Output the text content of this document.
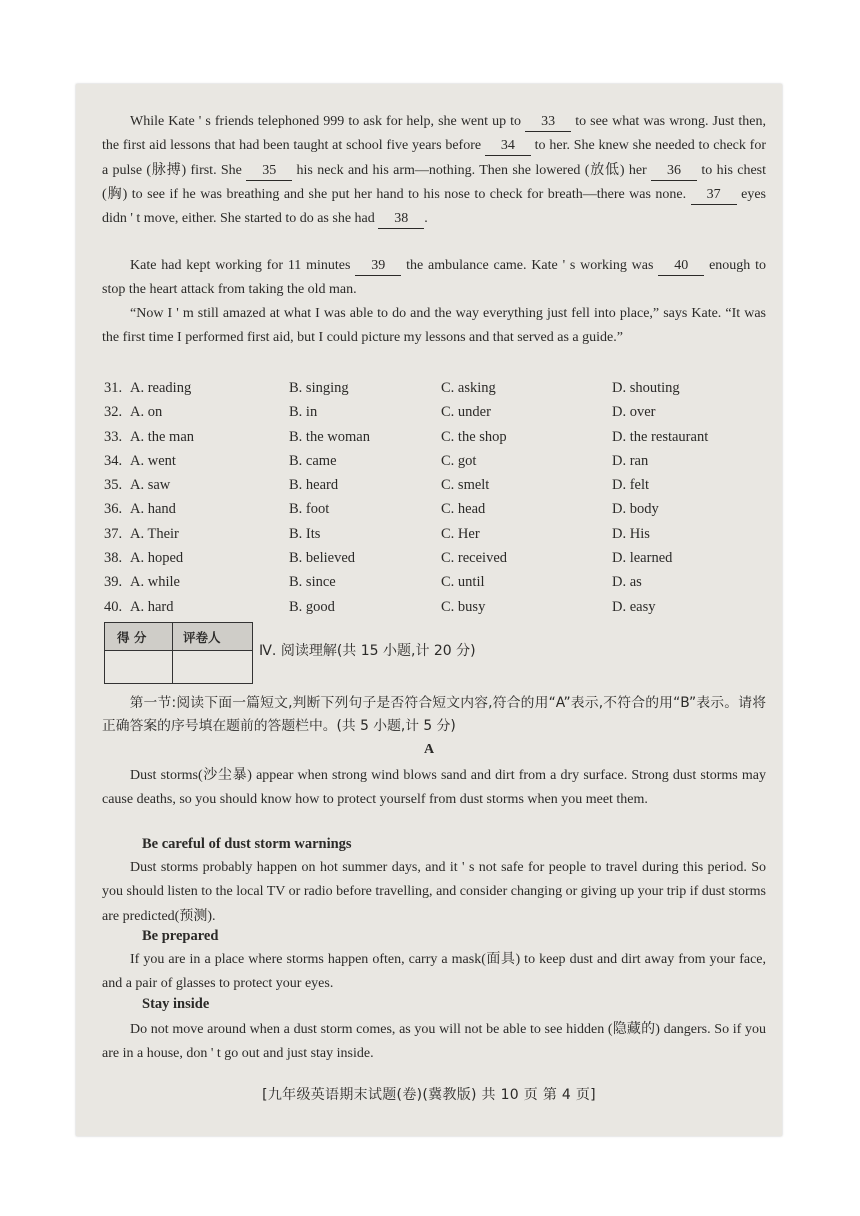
While Kate ' s friends telephoned 999 to ask for help, she went up to 33 to see what was wrong. Just then, the first aid lessons that had been taught at school five years before 34 to her. She knew she needed to check for a pulse (脉搏) first. She 35 his neck and his arm—nothing. Then she lowered (放低) her 36 to his chest (胸) to see if he was breathing and she put her hand to his nose to check for breath—there was none. 37 eyes didn ' t move, either. She started to do as she had 38 .

Kate had kept working for 11 minutes 39 the ambulance came. Kate ' s working was 40 enough to stop the heart attack from taking the old man.

“Now I ' m still amazed at what I was able to do and the way everything just fell into place,” says Kate. “It was the first time I performed first aid, but I could picture my lessons and that served as a guide.”

31. A. reading	B. singing	C. asking	D. shouting
32. A. on	B. in	C. under	D. over
33. A. the man	B. the woman	C. the shop	D. the restaurant
34. A. went	B. came	C. got	D. ran
35. A. saw	B. heard	C. smelt	D. felt
36. A. hand	B. foot	C. head	D. body
37. A. Their	B. Its	C. Her	D. His
38. A. hoped	B. believed	C. received	D. learned
39. A. while	B. since	C. until	D. as
40. A. hard	B. good	C. busy	D. easy
得 分	评卷人
Ⅳ. 阅读理解(共 15 小题,计 20 分)

第一节:阅读下面一篇短文,判断下列句子是否符合短文内容,符合的用“A”表示,不符合的用“B”表示。请将正确答案的序号填在题前的答题栏中。(共 5 小题,计 5 分)

A

Dust storms(沙尘暴) appear when strong wind blows sand and dirt from a dry surface. Strong dust storms may cause deaths, so you should know how to protect yourself from dust storms when you meet them.

Be careful of dust storm warnings

Dust storms probably happen on hot summer days, and it ' s not safe for people to travel during this period. So you should listen to the local TV or radio before travelling, and consider changing or giving up your trip if dust storms are predicted(预测).

Be prepared

If you are in a place where storms happen often, carry a mask(面具) to keep dust and dirt away from your face, and a pair of glasses to protect your eyes.

Stay inside

Do not move around when a dust storm comes, as you will not be able to see hidden (隐藏的) dangers. So if you are in a house, don ' t go out and just stay inside.

[九年级英语期末试题(卷)(冀教版) 共 10 页 第 4 页]
